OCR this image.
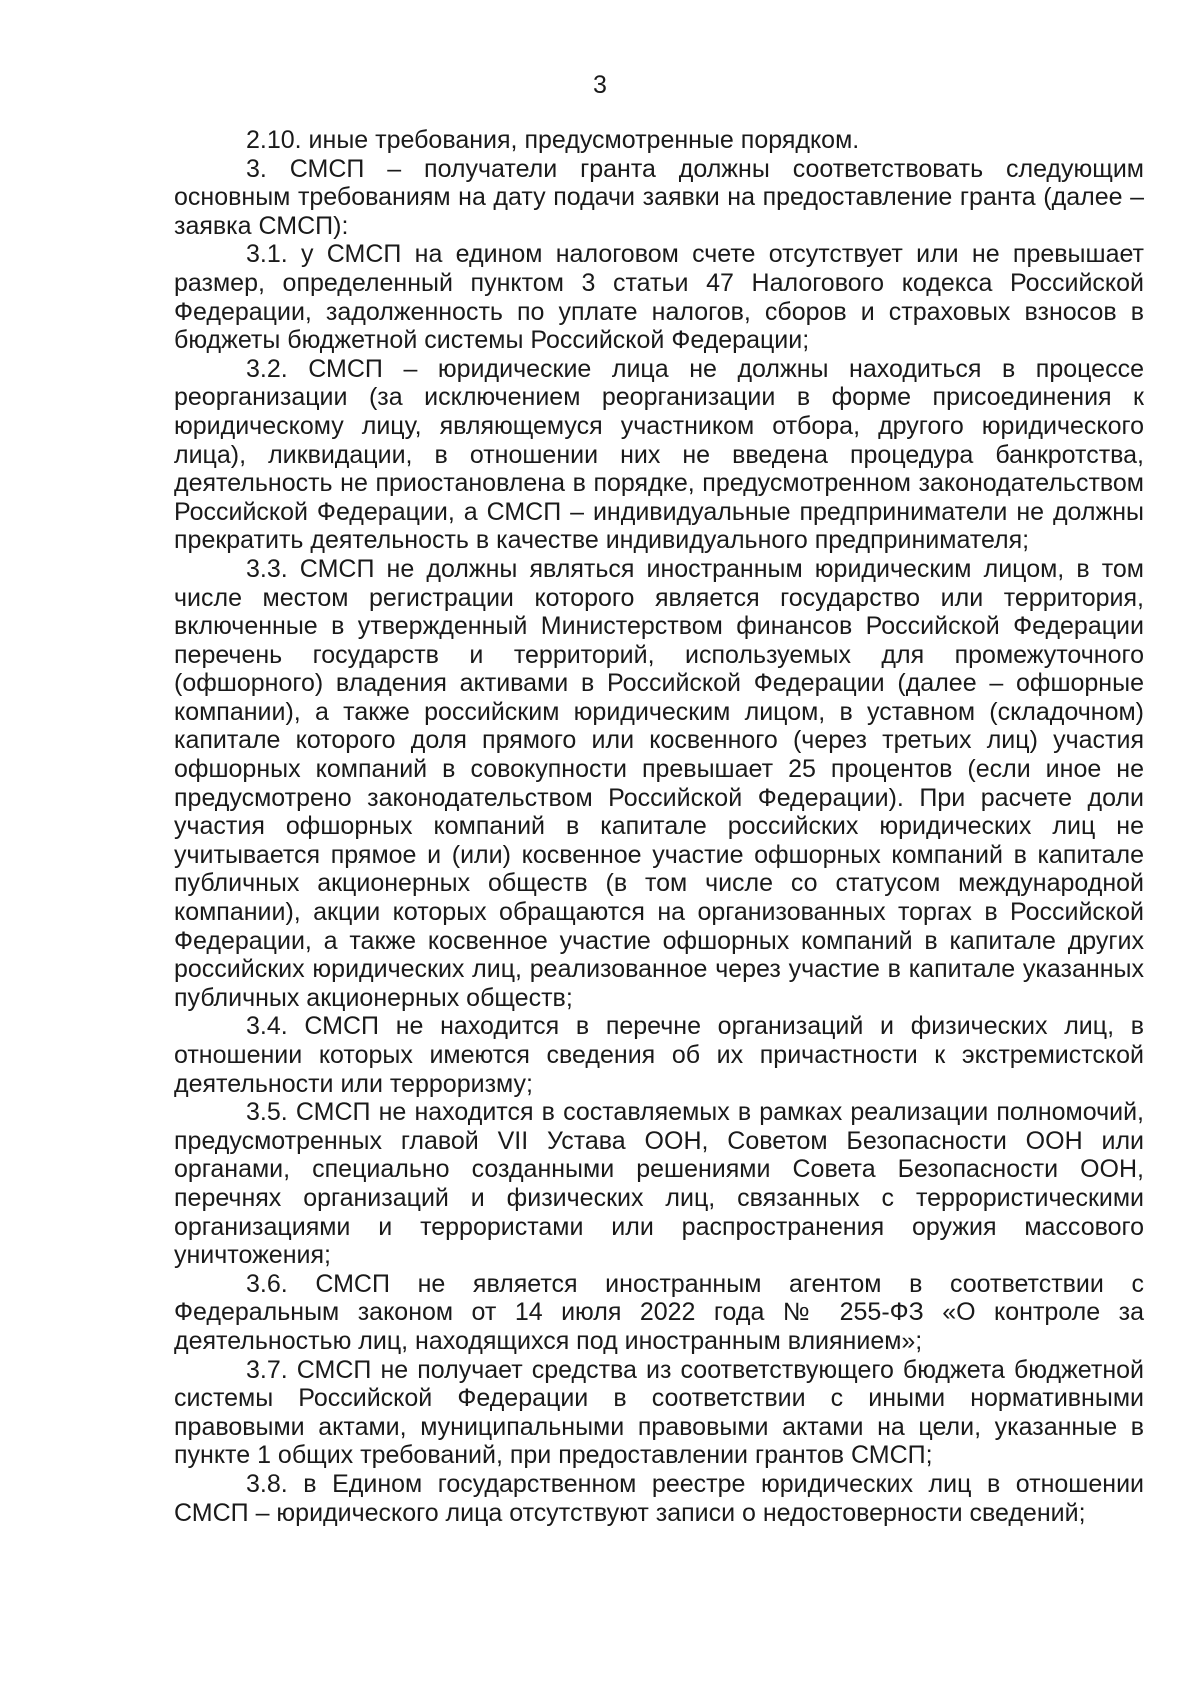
3

2.10. иные требования, предусмотренные порядком.

3. СМСП – получатели гранта должны соответствовать следующим основным требованиям на дату подачи заявки на предоставление гранта (далее – заявка СМСП):

3.1. у СМСП на едином налоговом счете отсутствует или не превышает размер, определенный пунктом 3 статьи 47 Налогового кодекса Российской Федерации, задолженность по уплате налогов, сборов и страховых взносов в бюджеты бюджетной системы Российской Федерации;

3.2. СМСП – юридические лица не должны находиться в процессе реорганизации (за исключением реорганизации в форме присоединения к юридическому лицу, являющемуся участником отбора, другого юридического лица), ликвидации, в отношении них не введена процедура банкротства, деятельность не приостановлена в порядке, предусмотренном законодательством Российской Федерации, а СМСП – индивидуальные предприниматели не должны прекратить деятельность в качестве индивидуального предпринимателя;

3.3. СМСП не должны являться иностранным юридическим лицом, в том числе местом регистрации которого является государство или территория, включенные в утвержденный Министерством финансов Российской Федерации перечень государств и территорий, используемых для промежуточного (офшорного) владения активами в Российской Федерации (далее – офшорные компании), а также российским юридическим лицом, в уставном (складочном) капитале которого доля прямого или косвенного (через третьих лиц) участия офшорных компаний в совокупности превышает 25 процентов (если иное не предусмотрено законодательством Российской Федерации). При расчете доли участия офшорных компаний в капитале российских юридических лиц не учитывается прямое и (или) косвенное участие офшорных компаний в капитале публичных акционерных обществ (в том числе со статусом международной компании), акции которых обращаются на организованных торгах в Российской Федерации, а также косвенное участие офшорных компаний в капитале других российских юридических лиц, реализованное через участие в капитале указанных публичных акционерных обществ;

3.4. СМСП не находится в перечне организаций и физических лиц, в отношении которых имеются сведения об их причастности к экстремистской деятельности или терроризму;

3.5. СМСП не находится в составляемых в рамках реализации полномочий, предусмотренных главой VII Устава ООН, Советом Безопасности ООН или органами, специально созданными решениями Совета Безопасности ООН, перечнях организаций и физических лиц, связанных с террористическими организациями и террористами или распространения оружия массового уничтожения;

3.6. СМСП не является иностранным агентом в соответствии с Федеральным законом от 14 июля 2022 года № 255-ФЗ «О контроле за деятельностью лиц, находящихся под иностранным влиянием»;

3.7. СМСП не получает средства из соответствующего бюджета бюджетной системы Российской Федерации в соответствии с иными нормативными правовыми актами, муниципальными правовыми актами на цели, указанные в пункте 1 общих требований, при предоставлении грантов СМСП;

3.8. в Едином государственном реестре юридических лиц в отношении СМСП – юридического лица отсутствуют записи о недостоверности сведений;
